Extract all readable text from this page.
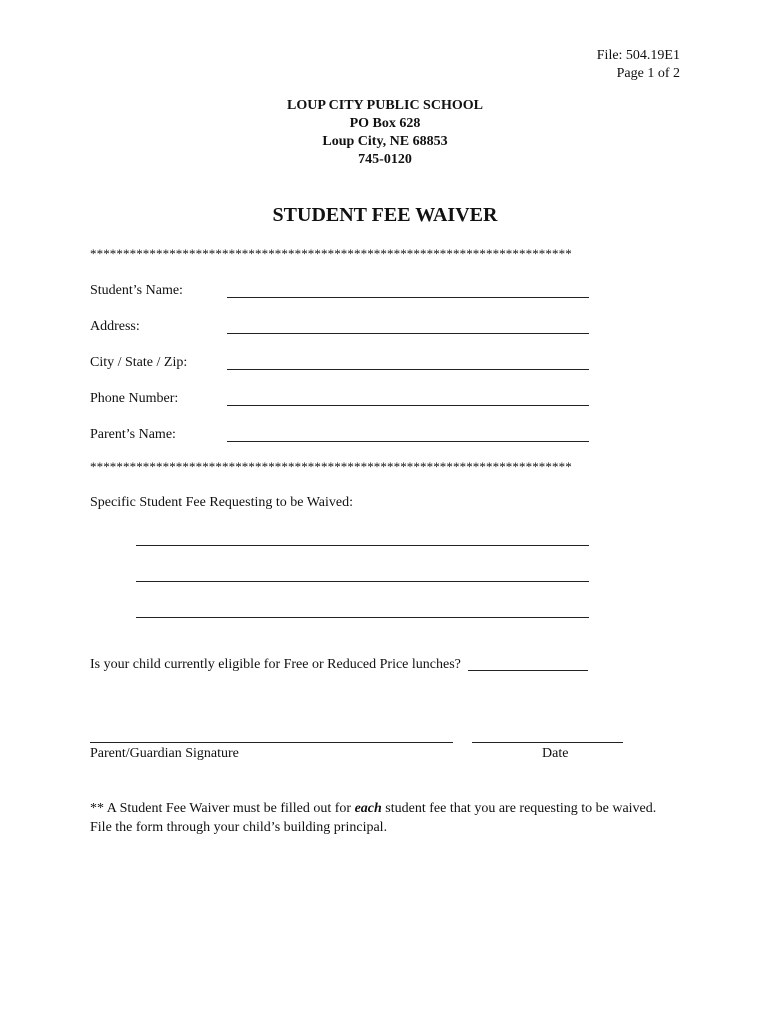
File: 504.19E1
Page 1 of 2
LOUP CITY PUBLIC SCHOOL
PO Box 628
Loup City, NE 68853
745-0120
STUDENT FEE WAIVER
*************************************************************************
Student’s Name:
Address:
City / State / Zip:
Phone Number:
Parent’s Name:
*************************************************************************
Specific Student Fee Requesting to be Waived:
Is your child currently eligible for Free or Reduced Price lunches?
Parent/Guardian Signature	Date
** A Student Fee Waiver must be filled out for each student fee that you are requesting to be waived. File the form through your child’s building principal.
